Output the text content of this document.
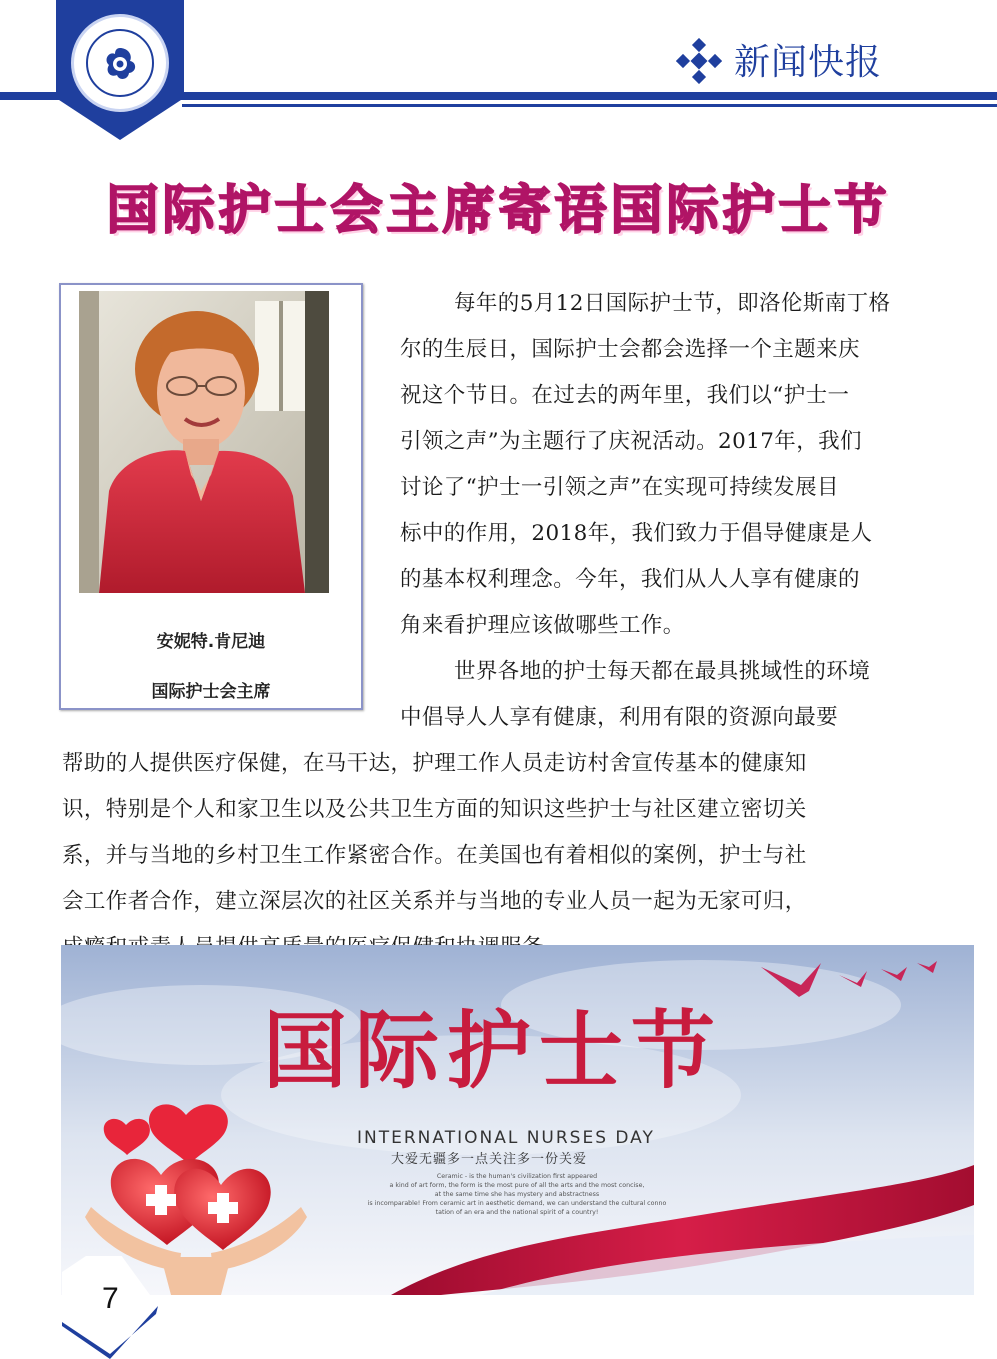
新闻快报
国际护士会主席寄语国际护士节
安妮特.肯尼迪
国际护士会主席

每年的5月12日国际护士节，即洛伦斯南丁格

尔的生辰日，国际护士会都会选择一个主题来庆

祝这个节日。在过去的两年里，我们以“护士一

引领之声”为主题行了庆祝活动。2017年，我们

讨论了“护士一引领之声”在实现可持续发展目

标中的作用，2018年，我们致力于倡导健康是人

的基本权利理念。今年，我们从人人享有健康的

角来看护理应该做哪些工作。

世界各地的护士每天都在最具挑域性的环境

中倡导人人享有健康，利用有限的资源向最要

帮助的人提供医疗保健，在马干达，护理工作人员走访村舍宣传基本的健康知

识，特别是个人和家卫生以及公共卫生方面的知识这些护士与社区建立密切关

系，并与当地的乡村卫生工作紧密合作。在美国也有着相似的案例，护士与社

会工作者合作，建立深层次的社区关系并与当地的专业人员一起为无家可归，

国际护士节
INTERNATIONAL NURSES DAY
大爱无疆多一点关注多一份关爱
Ceramic - is the human's civilization first appeared
a kind of art form, the form is the most pure of all the arts and the most concise,
at the same time she has mystery and abstractness
is incomparable! From ceramic art in aesthetic demand, we can understand the cultural conno
tation of an era and the national spirit of a country!
7
